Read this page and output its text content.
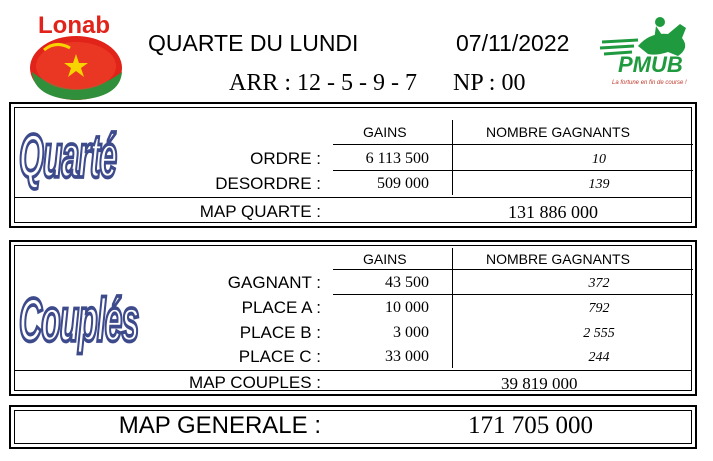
Lonab
QUARTE DU LUNDI	07/11/2022
ARR : 12 - 5 - 9 - 7 NP : 00
PMUB
La fortune en fin de course !
Quarté	GAINS	NOMBRE GAGNANTS
ORDRE :	6 113 500	10
DESORDRE :	509 000	139
MAP QUARTE :	131 886 000
Couplés
GAINS	NOMBRE GAGNANTS
GAGNANT :	43 500	372
PLACE A :	10 000	792
PLACE B :	3 000	2 555
PLACE C :	33 000	244
MAP COUPLES :	39 819 000
MAP GENERALE :	171 705 000
